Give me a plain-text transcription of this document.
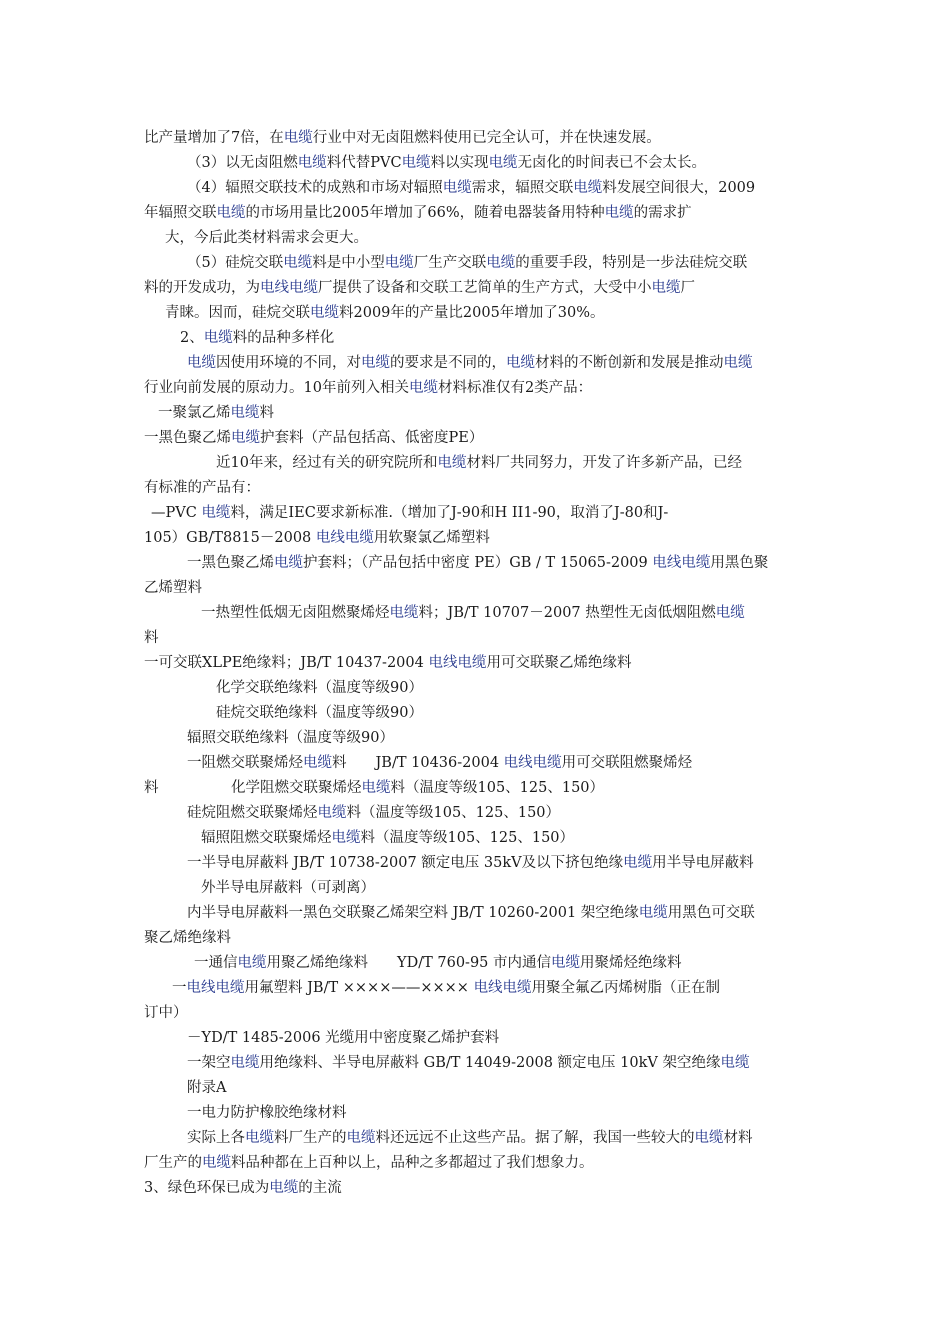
比产量增加了7倍，在电缆行业中对无卤阻燃料使用已完全认可，并在快速发展。
（3）以无卤阻燃电缆料代替PVC电缆料以实现电缆无卤化的时间表已不会太长。
（4）辐照交联技术的成熟和市场对辐照电缆需求，辐照交联电缆料发展空间很大，2009
年辐照交联电缆的市场用量比2005年增加了66%，随着电器装备用特种电缆的需求扩
大，今后此类材料需求会更大。
（5）硅烷交联电缆料是中小型电缆厂生产交联电缆的重要手段，特别是一步法硅烷交联
料的开发成功，为电线电缆厂提供了设备和交联工艺简单的生产方式，大受中小电缆厂
青睐。因而，硅烷交联电缆料2009年的产量比2005年增加了30%。
2、电缆料的品种多样化
电缆因使用环境的不同，对电缆的要求是不同的，电缆材料的不断创新和发展是推动电缆
行业向前发展的原动力。10年前列入相关电缆材料标准仅有2类产品：
一聚氯乙烯电缆料
一黑色聚乙烯电缆护套料（产品包括高、低密度PE）
近10年来，经过有关的研究院所和电缆材料厂共同努力，开发了许多新产品，已经
有标准的产品有：
—PVC 电缆料，满足IEC要求新标准.（增加了J-90和H II1-90，取消了J-80和J-
105）GB/T8815－2008 电线电缆用软聚氯乙烯塑料
一黑色聚乙烯电缆护套料；（产品包括中密度 PE）GB / T 15065-2009 电线电缆用黑色聚
乙烯塑料
一热塑性低烟无卤阻燃聚烯烃电缆料；JB/T 10707－2007 热塑性无卤低烟阻燃电缆
料
一可交联XLPE绝缘料；JB/T 10437-2004 电线电缆用可交联聚乙烯绝缘料
化学交联绝缘料（温度等级90）
硅烷交联绝缘料（温度等级90）
辐照交联绝缘料（温度等级90）
一阻燃交联聚烯烃电缆料　　JB/T 10436-2004 电线电缆用可交联阻燃聚烯烃
料　　　　　化学阻燃交联聚烯烃电缆料（温度等级105、125、150）
硅烷阻燃交联聚烯烃电缆料（温度等级105、125、150）
辐照阻燃交联聚烯烃电缆料（温度等级105、125、150）
一半导电屏蔽料 JB/T 10738-2007 额定电压 35kV及以下挤包绝缘电缆用半导电屏蔽料
外半导电屏蔽料（可剥离）
内半导电屏蔽料一黑色交联聚乙烯架空料 JB/T 10260-2001 架空绝缘电缆用黑色可交联
聚乙烯绝缘料
一通信电缆用聚乙烯绝缘料　　YD/T 760-95 市内通信电缆用聚烯烃绝缘料
一电线电缆用氟塑料 JB/T ××××——×××× 电线电缆用聚全氟乙丙烯树脂（正在制
订中）
－YD/T 1485-2006 光缆用中密度聚乙烯护套料
一架空电缆用绝缘料、半导电屏蔽料 GB/T 14049-2008 额定电压 10kV 架空绝缘电缆
附录A
一电力防护橡胶绝缘材料
实际上各电缆料厂生产的电缆料还远远不止这些产品。据了解，我国一些较大的电缆材料
厂生产的电缆料品种都在上百种以上，品种之多都超过了我们想象力。
3、绿色环保已成为电缆的主流
